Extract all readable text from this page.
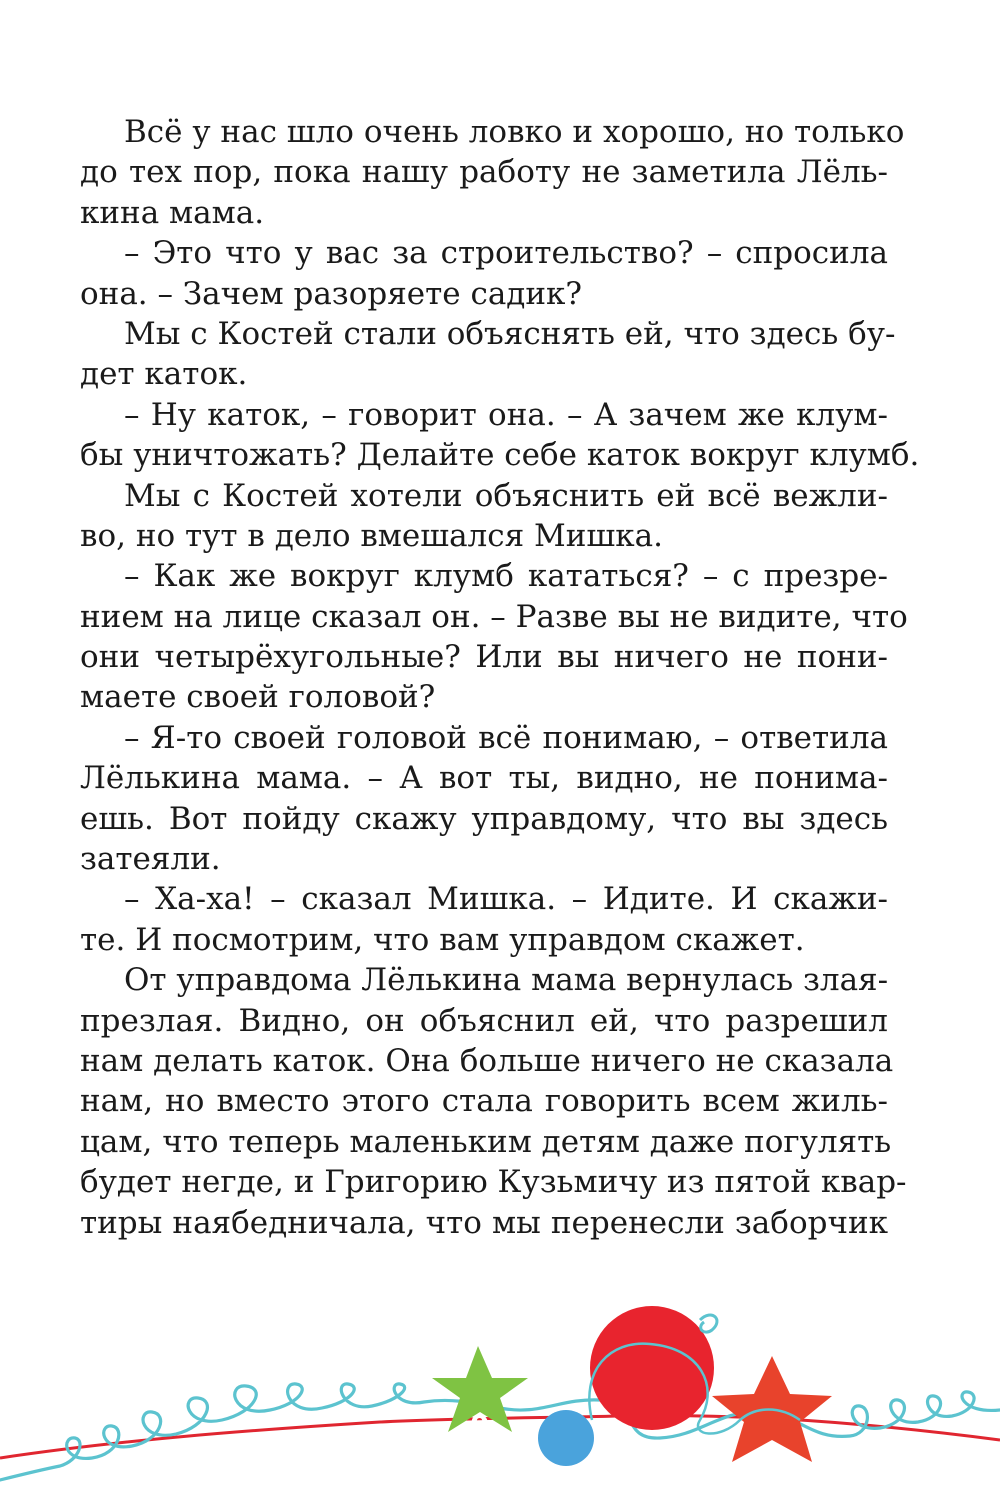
Всё у нас шло очень ловко и хорошо, но только
до тех пор, пока нашу работу не заметила Лёль-
кина мама.
– Это что у вас за строительство? – спросила
она. – Зачем разоряете садик?
Мы с Костей стали объяснять ей, что здесь бу-
дет каток.
– Ну каток, – говорит она. – А зачем же клум-
бы уничтожать? Делайте себе каток вокруг клумб.
Мы с Костей хотели объяснить ей всё вежли-
во, но тут в дело вмешался Мишка.
– Как же вокруг клумб кататься? – с презре-
нием на лице сказал он. – Разве вы не видите, что
они четырёхугольные? Или вы ничего не пони-
маете своей головой?
– Я-то своей головой всё понимаю, – ответила
Лёлькина мама. – А вот ты, видно, не понима-
ешь. Вот пойду скажу управдому, что вы здесь
затеяли.
– Ха-ха! – сказал Мишка. – Идите. И скажи-
те. И посмотрим, что вам управдом скажет.
От управдома Лёлькина мама вернулась злая-
презлая. Видно, он объяснил ей, что разрешил
нам делать каток. Она больше ничего не сказала
нам, но вместо этого стала говорить всем жиль-
цам, что теперь маленьким детям даже погулять
будет негде, и Григорию Кузьмичу из пятой квар-
тиры наябедничала, что мы перенесли заборчик
9
